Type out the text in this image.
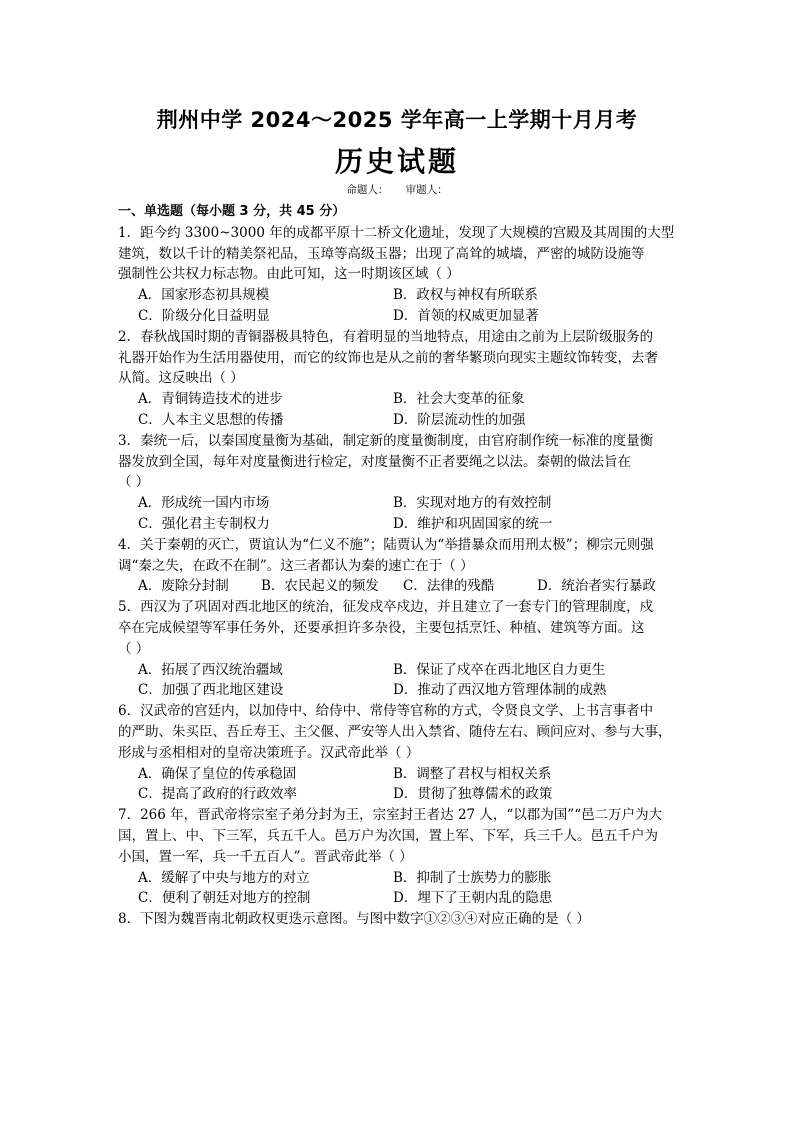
荆州中学 2024～2025 学年高一上学期十月月考
历史试题
命题人： 审题人：
一、单选题（每小题 3 分，共 45 分）
1．距今约 3300~3000 年的成都平原十二桥文化遗址，发现了大规模的宫殿及其周围的大型
建筑，数以千计的精美祭祀品，玉璋等高级玉器；出现了高耸的城墙，严密的城防设施等
强制性公共权力标志物。由此可知，这一时期该区域（ ）
A．国家形态初具规模	B．政权与神权有所联系
C．阶级分化日益明显	D．首领的权威更加显著
2．春秋战国时期的青铜器极具特色，有着明显的当地特点，用途由之前为上层阶级服务的
礼器开始作为生活用器使用，而它的纹饰也是从之前的奢华繁琐向现实主题纹饰转变，去奢
从简。这反映出（ ）
A．青铜铸造技术的进步	B．社会大变革的征象
C．人本主义思想的传播	D．阶层流动性的加强
3．秦统一后，以秦国度量衡为基础，制定新的度量衡制度，由官府制作统一标准的度量衡
器发放到全国，每年对度量衡进行检定，对度量衡不正者要绳之以法。秦朝的做法旨在
（ ）
A．形成统一国内市场	B．实现对地方的有效控制
C．强化君主专制权力	D．维护和巩固国家的统一
4．关于秦朝的灭亡，贾谊认为“仁义不施”；陆贾认为“举措暴众而用刑太极”；柳宗元则强
调“秦之失，在政不在制”。这三者都认为秦的速亡在于（ ）
A．废除分封制	B．农民起义的频发	C．法律的残酷	D．统治者实行暴政
5．西汉为了巩固对西北地区的统治，征发戍卒戍边，并且建立了一套专门的管理制度，戍
卒在完成候望等军事任务外，还要承担许多杂役，主要包括烹饪、种植、建筑等方面。这
（ ）
A．拓展了西汉统治疆域	B．保证了戍卒在西北地区自力更生
C．加强了西北地区建设	D．推动了西汉地方管理体制的成熟
6．汉武帝的宫廷内，以加侍中、给侍中、常侍等官称的方式，令贤良文学、上书言事者中
的严助、朱买臣、吾丘寿王、主父偃、严安等人出入禁省、随侍左右、顾问应对、参与大事，
形成与丞相相对的皇帝决策班子。汉武帝此举（ ）
A．确保了皇位的传承稳固	B．调整了君权与相权关系
C．提高了政府的行政效率	D．贯彻了独尊儒术的政策
7．266 年，晋武帝将宗室子弟分封为王，宗室封王者达 27 人，“以郡为国”“邑二万户为大
国，置上、中、下三军，兵五千人。邑万户为次国，置上军、下军，兵三千人。邑五千户为
小国，置一军，兵一千五百人”。晋武帝此举（ ）
A．缓解了中央与地方的对立	B．抑制了士族势力的膨胀
C．便利了朝廷对地方的控制	D．埋下了王朝内乱的隐患
8．下图为魏晋南北朝政权更迭示意图。与图中数字①②③④对应正确的是（ ）
